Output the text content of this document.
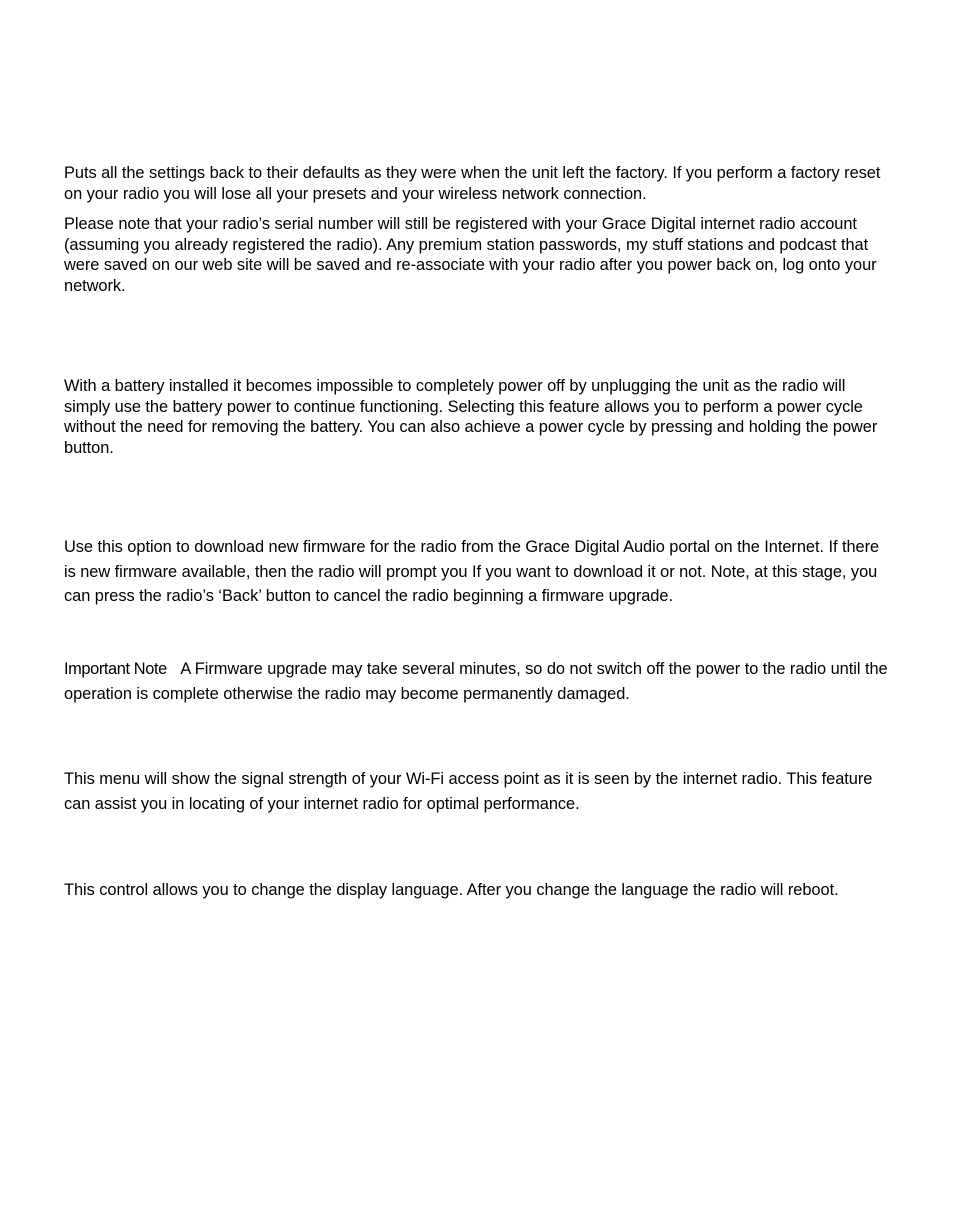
Puts all the settings back to their defaults as they were when the unit left the factory. If you perform a factory reset on your radio you will lose all your presets and your wireless network connection.

Please note that your radio’s serial number will still be registered with your Grace Digital internet radio account (assuming you already registered the radio). Any premium station passwords, my stuff stations and podcast that were saved on our web site will be saved and re-associate with your radio after you power back on, log onto your network.

With a battery installed it becomes impossible to completely power off by unplugging the unit as the radio will simply use the battery power to continue functioning. Selecting this feature allows you to perform a power cycle without the need for removing the battery. You can also achieve a power cycle by pressing and holding the power button.

Use this option to download new firmware for the radio from the Grace Digital Audio portal on the Internet. If there is new firmware available, then the radio will prompt you If you want to download it or not. Note, at this stage, you can press the radio’s ‘Back’ button to cancel the radio beginning a firmware upgrade.

Important Note A Firmware upgrade may take several minutes, so do not switch off the power to the radio until the operation is complete otherwise the radio may become permanently damaged.

This menu will show the signal strength of your Wi-Fi access point as it is seen by the internet radio. This feature can assist you in locating of your internet radio for optimal performance.

This control allows you to change the display language. After you change the language the radio will reboot.
